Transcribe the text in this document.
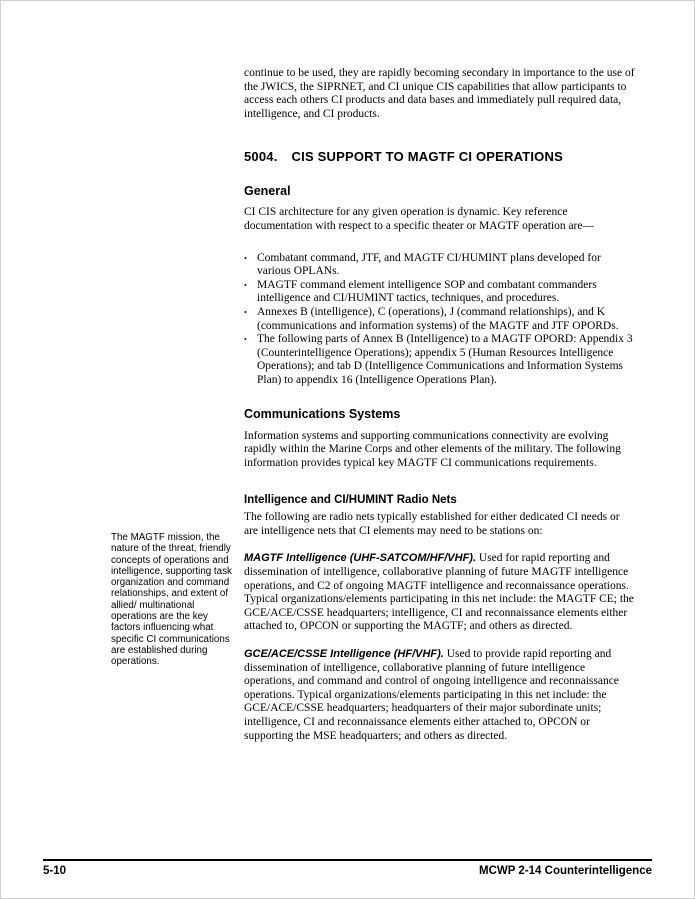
continue to be used, they are rapidly becoming secondary in importance to the use of the JWICS, the SIPRNET, and CI unique CIS capabilities that allow participants to access each others CI products and data bases and immediately pull required data, intelligence, and CI products.

5004. CIS SUPPORT TO MAGTF CI OPERATIONS
General

CI CIS architecture for any given operation is dynamic. Key reference documentation with respect to a specific theater or MAGTF operation are—

• Combatant command, JTF, and MAGTF CI/HUMINT plans developed for various OPLANs.
• MAGTF command element intelligence SOP and combatant commanders intelligence and CI/HUMINT tactics, techniques, and procedures.
• Annexes B (intelligence), C (operations), J (command relationships), and K (communications and information systems) of the MAGTF and JTF OPORDs.
• The following parts of Annex B (Intelligence) to a MAGTF OPORD: Appendix 3 (Counterintelligence Operations); appendix 5 (Human Resources Intelligence Operations); and tab D (Intelligence Communications and Information Systems Plan) to appendix 16 (Intelligence Operations Plan).
Communications Systems

Information systems and supporting communications connectivity are evolving rapidly within the Marine Corps and other elements of the military. The following information provides typical key MAGTF CI communications requirements.

Intelligence and CI/HUMINT Radio Nets

The following are radio nets typically established for either dedicated CI needs or are intelligence nets that CI elements may need to be stations on:

MAGTF Intelligence (UHF-SATCOM/HF/VHF). Used for rapid reporting and dissemination of intelligence, collaborative planning of future MAGTF intelligence operations, and C2 of ongoing MAGTF intelligence and reconnaissance operations. Typical organizations/elements participating in this net include: the MAGTF CE; the GCE/ACE/CSSE headquarters; intelligence, CI and reconnaissance elements either attached to, OPCON or supporting the MAGTF; and others as directed.

GCE/ACE/CSSE Intelligence (HF/VHF). Used to provide rapid reporting and dissemination of intelligence, collaborative planning of future intelligence operations, and command and control of ongoing intelligence and reconnaissance operations. Typical organizations/elements participating in this net include: the GCE/ACE/CSSE headquarters; headquarters of their major subordinate units; intelligence, CI and reconnaissance elements either attached to, OPCON or supporting the MSE headquarters; and others as directed.

The MAGTF mission, the nature of the threat, friendly concepts of operations and intelligence, supporting task organization and command relationships, and extent of allied/ multinational operations are the key factors influencing what specific CI communications are established during operations.
5-10	MCWP 2-14 Counterintelligence
